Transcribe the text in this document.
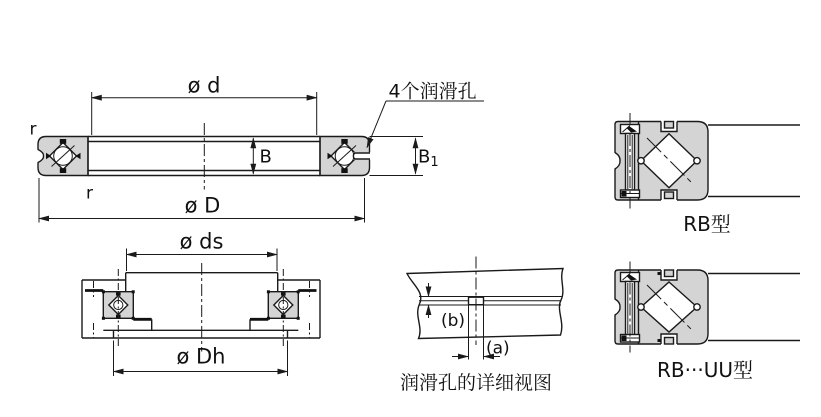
ø d
ø D
B	B1
r
r
4个润滑孔
ø ds
ø Dh
(b)
(a)
润滑孔的详细视图
RB型
RB···UU型
